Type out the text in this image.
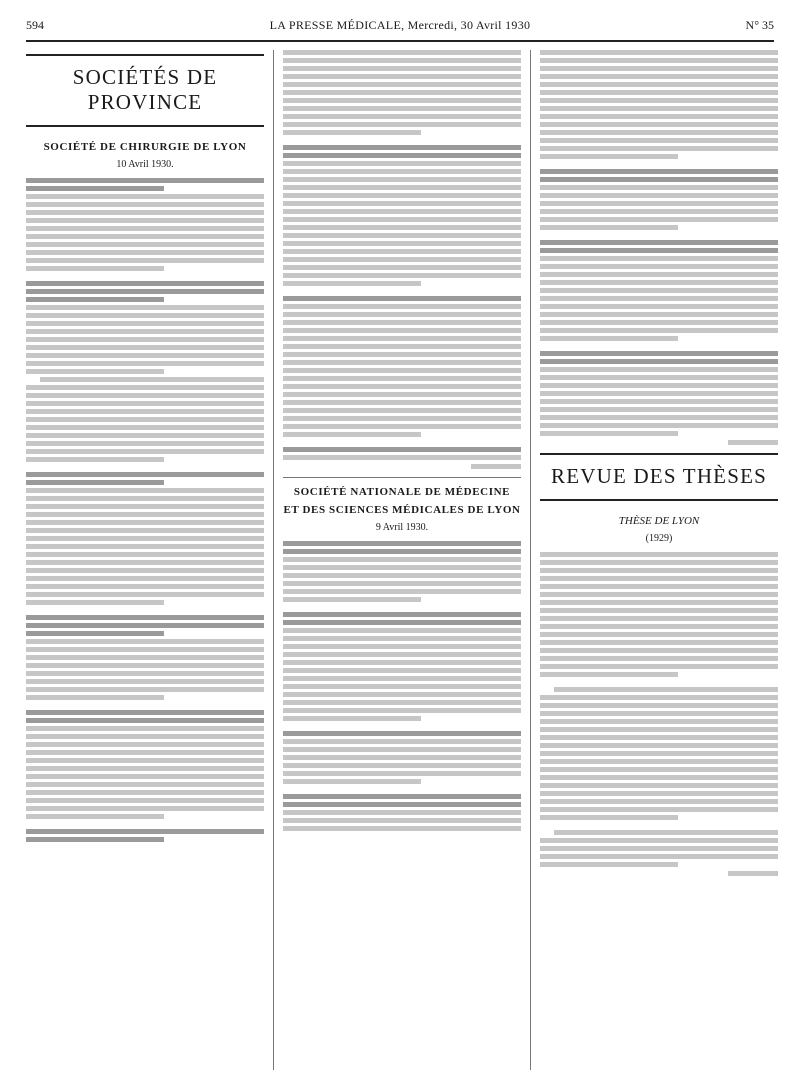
594	LA PRESSE MÉDICALE, Mercredi, 30 Avril 1930	N° 35
SOCIÉTÉS DE PROVINCE
SOCIÉTÉ DE CHIRURGIE DE LYON
10 Avril 1930.
SOCIÉTÉ NATIONALE DE MÉDECINE
ET DES SCIENCES MÉDICALES DE LYON
9 Avril 1930.
REVUE DES THÈSES
THÈSE DE LYON
(1929)
